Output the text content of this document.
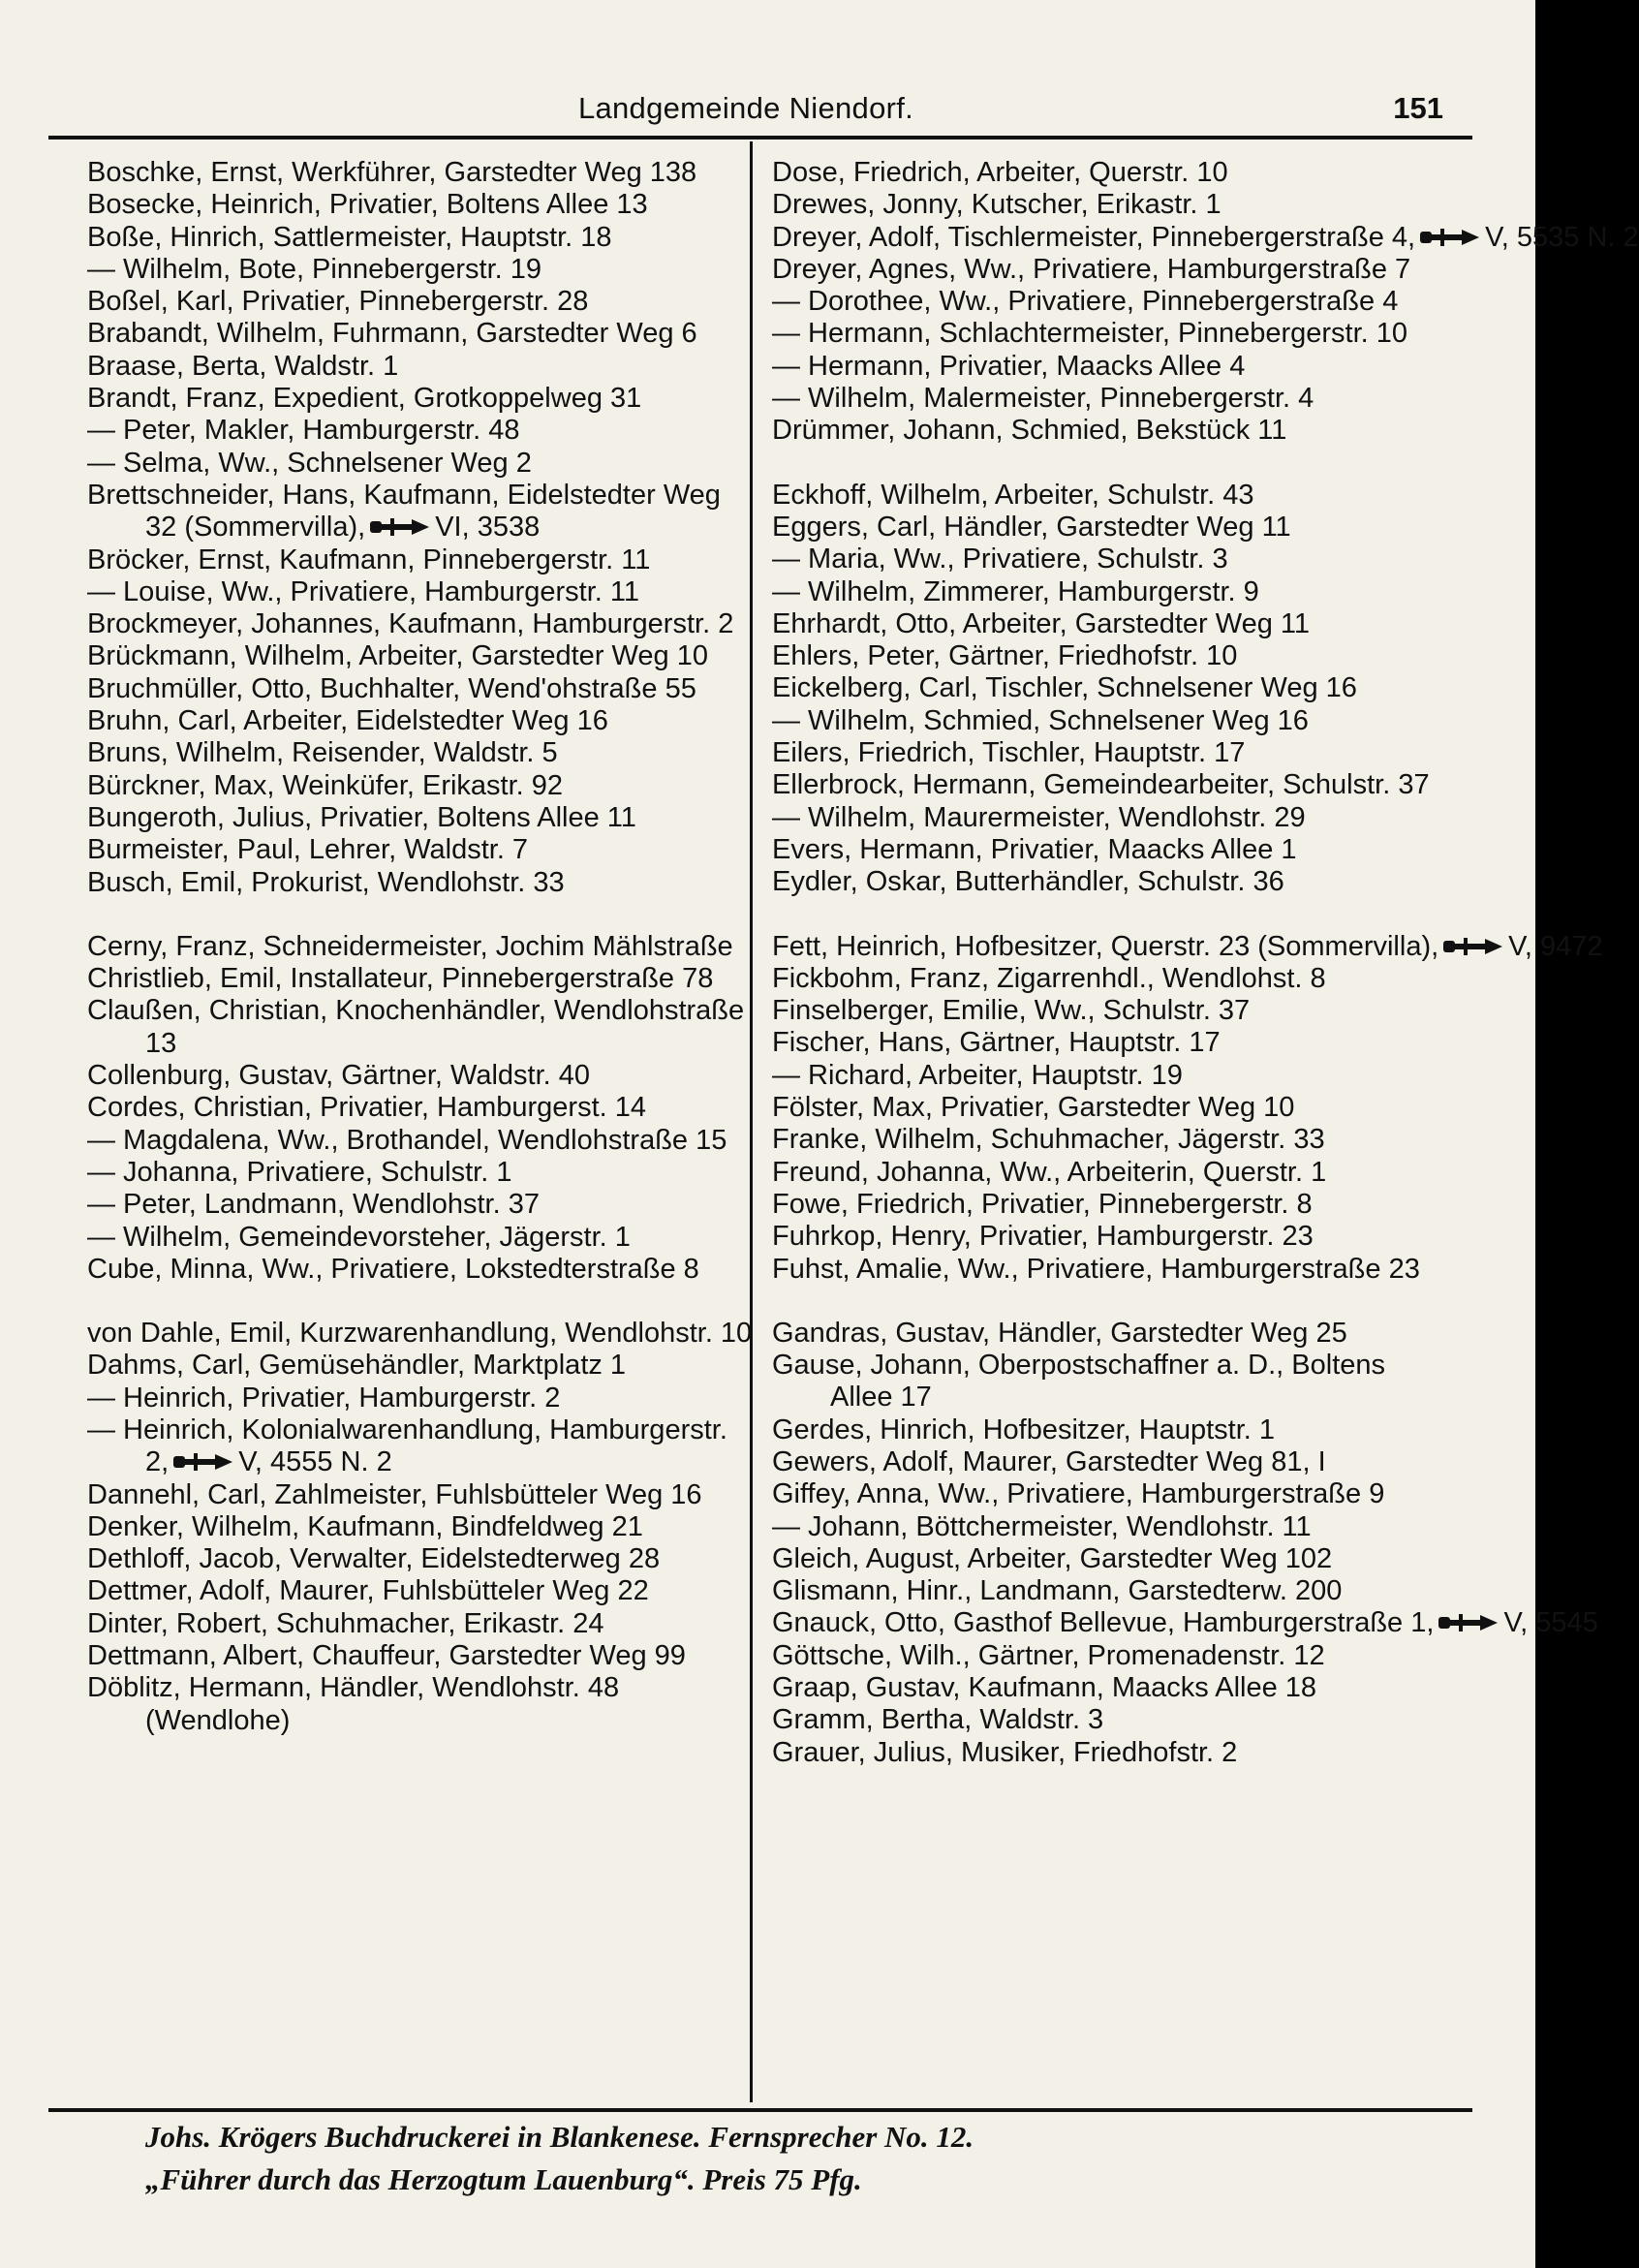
Landgemeinde Niendorf.	151
Boschke, Ernst, Werkführer, Garstedter Weg 138
Bosecke, Heinrich, Privatier, Boltens Allee 13
Boße, Hinrich, Sattlermeister, Hauptstr. 18
— Wilhelm, Bote, Pinnebergerstr. 19
Boßel, Karl, Privatier, Pinnebergerstr. 28
Brabandt, Wilhelm, Fuhrmann, Garstedter Weg 6
Braase, Berta, Waldstr. 1
Brandt, Franz, Expedient, Grotkoppelweg 31
— Peter, Makler, Hamburgerstr. 48
— Selma, Ww., Schnelsener Weg 2
Brettschneider, Hans, Kaufmann, Eidelstedter Weg
32 (Sommervilla), VI, 3538
Bröcker, Ernst, Kaufmann, Pinnebergerstr. 11
— Louise, Ww., Privatiere, Hamburgerstr. 11
Brockmeyer, Johannes, Kaufmann, Hamburgerstr. 2
Brückmann, Wilhelm, Arbeiter, Garstedter Weg 10
Bruchmüller, Otto, Buchhalter, Wend'ohstraße 55
Bruhn, Carl, Arbeiter, Eidelstedter Weg 16
Bruns, Wilhelm, Reisender, Waldstr. 5
Bürckner, Max, Weinküfer, Erikastr. 92
Bungeroth, Julius, Privatier, Boltens Allee 11
Burmeister, Paul, Lehrer, Waldstr. 7
Busch, Emil, Prokurist, Wendlohstr. 33
Cerny, Franz, Schneidermeister, Jochim Mählstraße
Christlieb, Emil, Installateur, Pinnebergerstraße 78
Claußen, Christian, Knochenhändler, Wendlohstraße
13
Collenburg, Gustav, Gärtner, Waldstr. 40
Cordes, Christian, Privatier, Hamburgerst. 14
— Magdalena, Ww., Brothandel, Wendlohstraße 15
— Johanna, Privatiere, Schulstr. 1
— Peter, Landmann, Wendlohstr. 37
— Wilhelm, Gemeindevorsteher, Jägerstr. 1
Cube, Minna, Ww., Privatiere, Lokstedterstraße 8
von Dahle, Emil, Kurzwarenhandlung, Wendlohstr. 10
Dahms, Carl, Gemüsehändler, Marktplatz 1
— Heinrich, Privatier, Hamburgerstr. 2
— Heinrich, Kolonialwarenhandlung, Hamburgerstr.
2, V, 4555 N. 2
Dannehl, Carl, Zahlmeister, Fuhlsbütteler Weg 16
Denker, Wilhelm, Kaufmann, Bindfeldweg 21
Dethloff, Jacob, Verwalter, Eidelstedterweg 28
Dettmer, Adolf, Maurer, Fuhlsbütteler Weg 22
Dinter, Robert, Schuhmacher, Erikastr. 24
Dettmann, Albert, Chauffeur, Garstedter Weg 99
Döblitz, Hermann, Händler, Wendlohstr. 48
(Wendlohe)
Dose, Friedrich, Arbeiter, Querstr. 10
Drewes, Jonny, Kutscher, Erikastr. 1
Dreyer, Adolf, Tischlermeister, Pinnebergerstraße 4, V, 5535 N. 2
Dreyer, Agnes, Ww., Privatiere, Hamburgerstraße 7
— Dorothee, Ww., Privatiere, Pinnebergerstraße 4
— Hermann, Schlachtermeister, Pinnebergerstr. 10
— Hermann, Privatier, Maacks Allee 4
— Wilhelm, Malermeister, Pinnebergerstr. 4
Drümmer, Johann, Schmied, Bekstück 11
Eckhoff, Wilhelm, Arbeiter, Schulstr. 43
Eggers, Carl, Händler, Garstedter Weg 11
— Maria, Ww., Privatiere, Schulstr. 3
— Wilhelm, Zimmerer, Hamburgerstr. 9
Ehrhardt, Otto, Arbeiter, Garstedter Weg 11
Ehlers, Peter, Gärtner, Friedhofstr. 10
Eickelberg, Carl, Tischler, Schnelsener Weg 16
— Wilhelm, Schmied, Schnelsener Weg 16
Eilers, Friedrich, Tischler, Hauptstr. 17
Ellerbrock, Hermann, Gemeindearbeiter, Schulstr. 37
— Wilhelm, Maurermeister, Wendlohstr. 29
Evers, Hermann, Privatier, Maacks Allee 1
Eydler, Oskar, Butterhändler, Schulstr. 36
Fett, Heinrich, Hofbesitzer, Querstr. 23 (Sommervilla), V, 9472
Fickbohm, Franz, Zigarrenhdl., Wendlohst. 8
Finselberger, Emilie, Ww., Schulstr. 37
Fischer, Hans, Gärtner, Hauptstr. 17
— Richard, Arbeiter, Hauptstr. 19
Fölster, Max, Privatier, Garstedter Weg 10
Franke, Wilhelm, Schuhmacher, Jägerstr. 33
Freund, Johanna, Ww., Arbeiterin, Querstr. 1
Fowe, Friedrich, Privatier, Pinnebergerstr. 8
Fuhrkop, Henry, Privatier, Hamburgerstr. 23
Fuhst, Amalie, Ww., Privatiere, Hamburgerstraße 23
Gandras, Gustav, Händler, Garstedter Weg 25
Gause, Johann, Oberpostschaffner a. D., Boltens
Allee 17
Gerdes, Hinrich, Hofbesitzer, Hauptstr. 1
Gewers, Adolf, Maurer, Garstedter Weg 81, I
Giffey, Anna, Ww., Privatiere, Hamburgerstraße 9
— Johann, Böttchermeister, Wendlohstr. 11
Gleich, August, Arbeiter, Garstedter Weg 102
Glismann, Hinr., Landmann, Garstedterw. 200
Gnauck, Otto, Gasthof Bellevue, Hamburgerstraße 1, V, 5545
Göttsche, Wilh., Gärtner, Promenadenstr. 12
Graap, Gustav, Kaufmann, Maacks Allee 18
Gramm, Bertha, Waldstr. 3
Grauer, Julius, Musiker, Friedhofstr. 2
Johs. Krögers Buchdruckerei in Blankenese. Fernsprecher No. 12.
„Führer durch das Herzogtum Lauenburg“. Preis 75 Pfg.
